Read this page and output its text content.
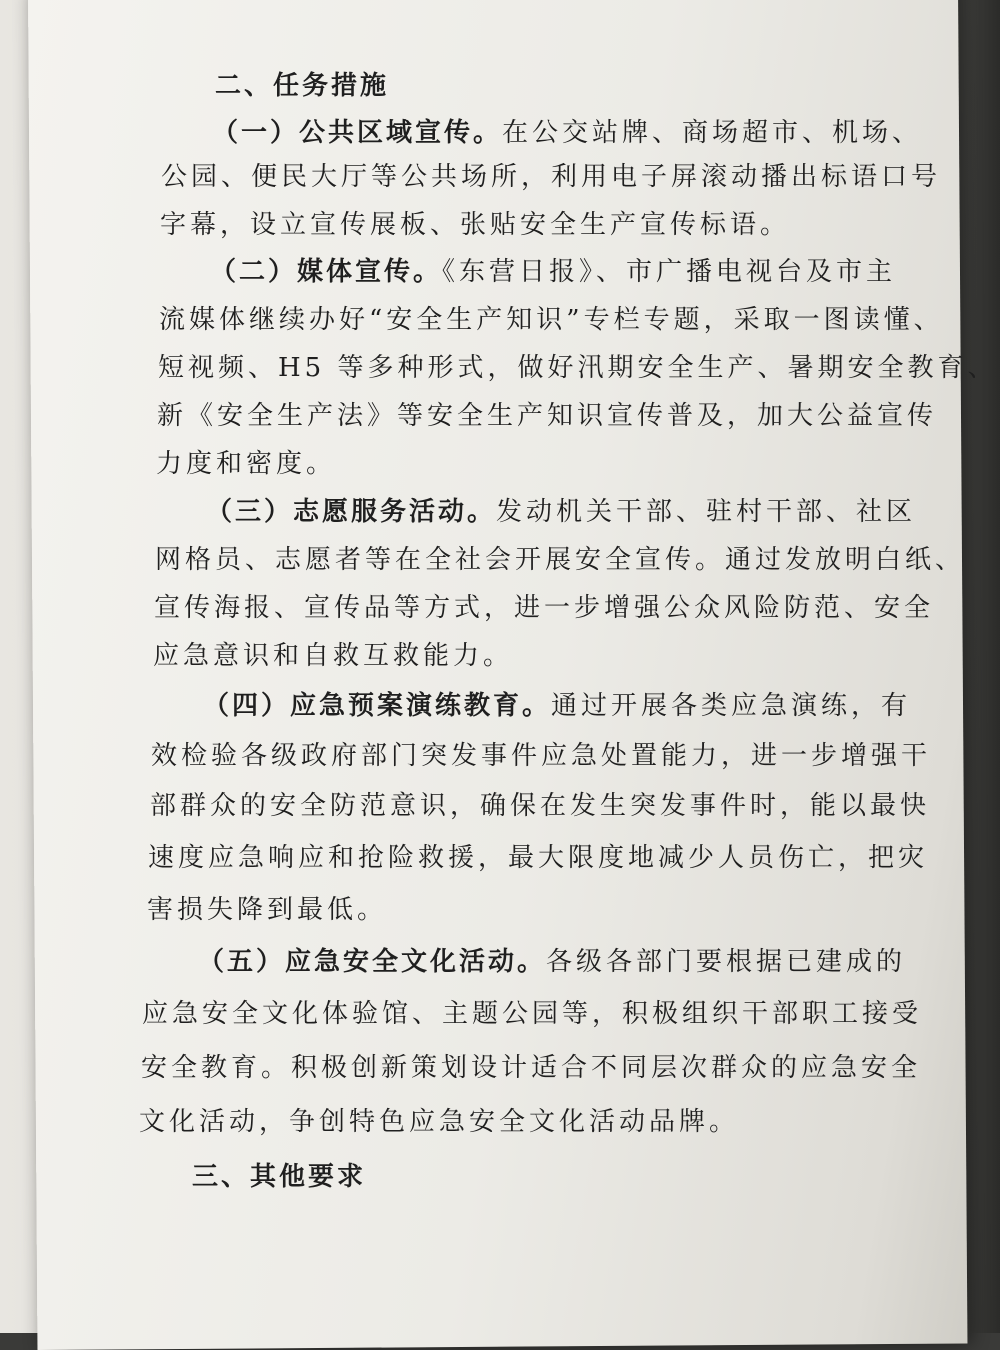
二、任务措施
（一）公共区域宣传。在公交站牌、商场超市、机场、
公园、便民大厅等公共场所，利用电子屏滚动播出标语口号
字幕，设立宣传展板、张贴安全生产宣传标语。
（二）媒体宣传。《东营日报》、市广播电视台及市主
流媒体继续办好“安全生产知识”专栏专题，采取一图读懂、
短视频、H5 等多种形式，做好汛期安全生产、暑期安全教育、
新《安全生产法》等安全生产知识宣传普及，加大公益宣传
力度和密度。
（三）志愿服务活动。发动机关干部、驻村干部、社区
网格员、志愿者等在全社会开展安全宣传。通过发放明白纸、
宣传海报、宣传品等方式，进一步增强公众风险防范、安全
应急意识和自救互救能力。
（四）应急预案演练教育。通过开展各类应急演练，有
效检验各级政府部门突发事件应急处置能力，进一步增强干
部群众的安全防范意识，确保在发生突发事件时，能以最快
速度应急响应和抢险救援，最大限度地减少人员伤亡，把灾
害损失降到最低。
（五）应急安全文化活动。各级各部门要根据已建成的
应急安全文化体验馆、主题公园等，积极组织干部职工接受
安全教育。积极创新策划设计适合不同层次群众的应急安全
文化活动，争创特色应急安全文化活动品牌。
三、其他要求
